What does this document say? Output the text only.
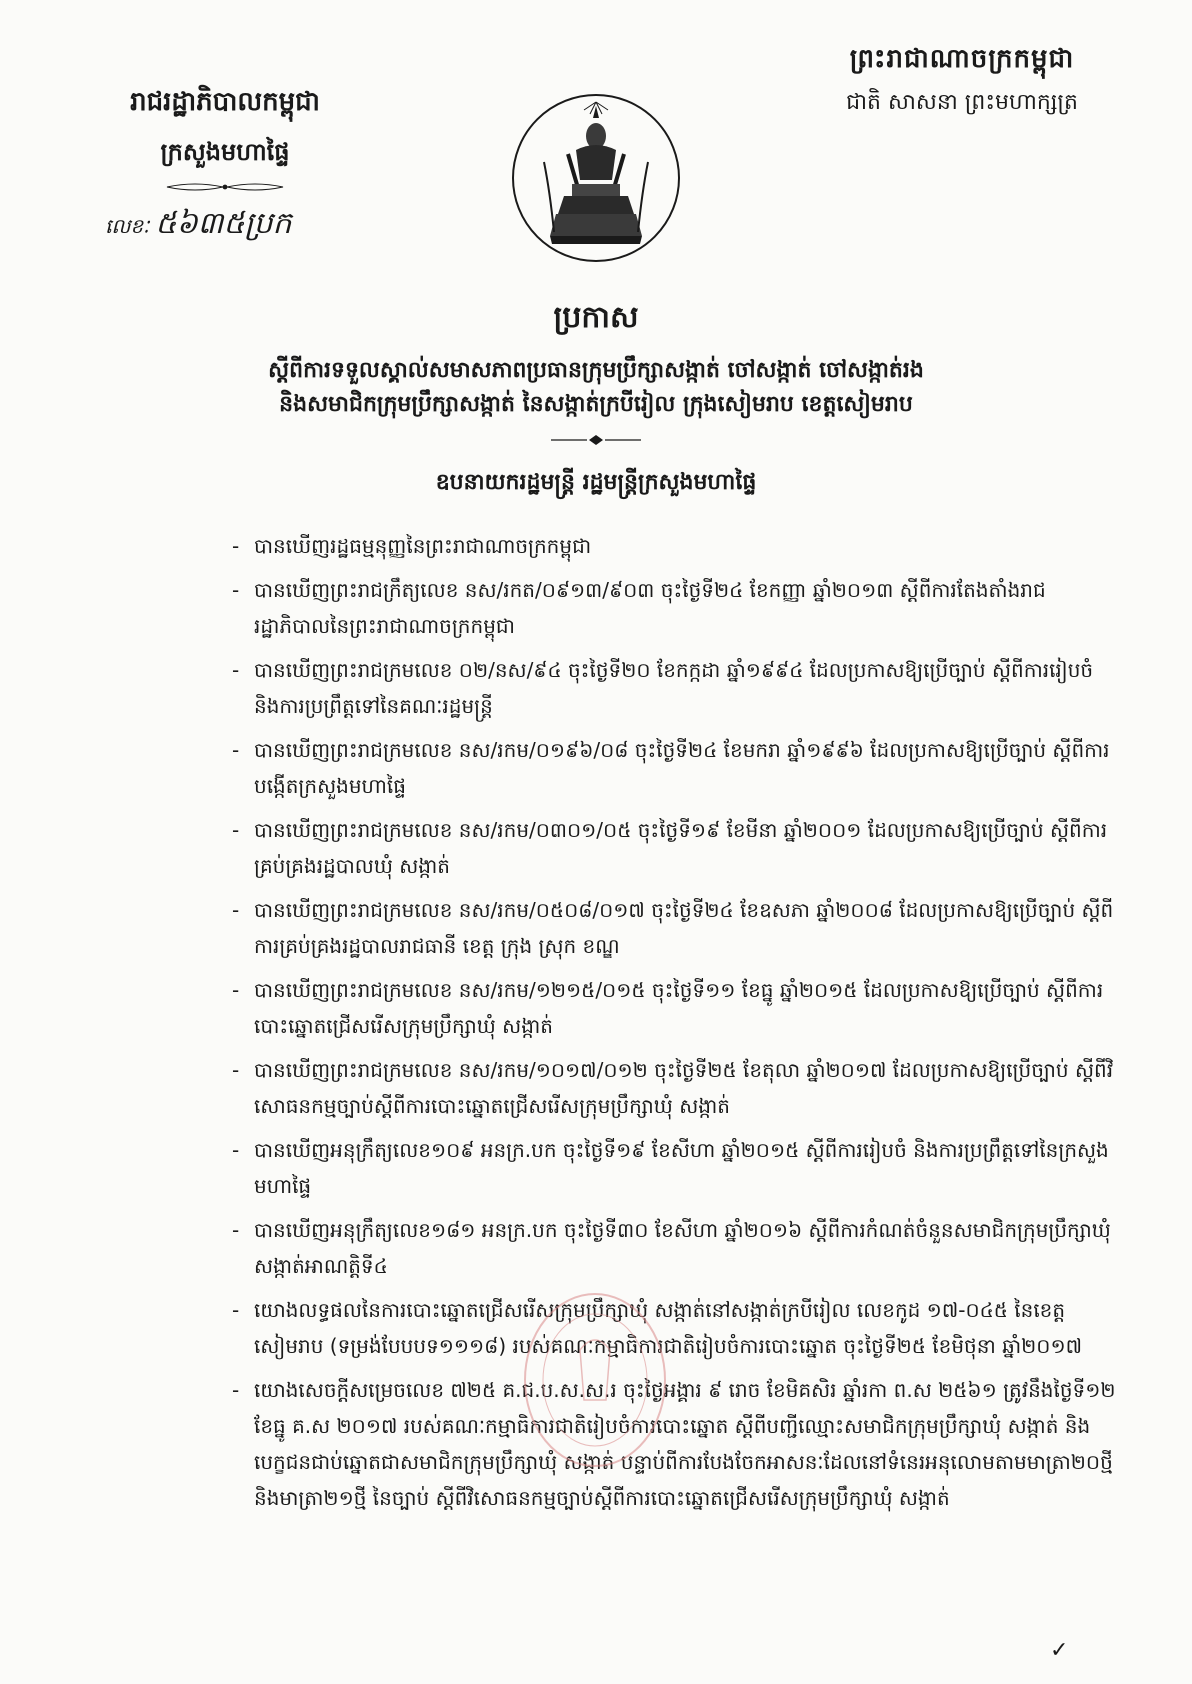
ព្រះរាជាណាចក្រកម្ពុជា
ជាតិ សាសនា ព្រះមហាក្សត្រ
រាជរដ្ឋាភិបាលកម្ពុជា
ក្រសួងមហាផ្ទៃ
លេខៈ ៥៦៣៥ប្រក
ប្រកាស
ស្តីពីការទទួលស្គាល់សមាសភាពប្រធានក្រុមប្រឹក្សាសង្កាត់ ចៅសង្កាត់ ចៅសង្កាត់រង
និងសមាជិកក្រុមប្រឹក្សាសង្កាត់ នៃសង្កាត់ក្របីរៀល ក្រុងសៀមរាប ខេត្តសៀមរាប
ឧបនាយករដ្ឋមន្ត្រី រដ្ឋមន្ត្រីក្រសួងមហាផ្ទៃ
- បានឃើញរដ្ឋធម្មនុញ្ញនៃព្រះរាជាណាចក្រកម្ពុជា
- បានឃើញព្រះរាជក្រឹត្យលេខ នស/រកត/០៩១៣/៩០៣ ចុះថ្ងៃទី២៤ ខែកញ្ញា ឆ្នាំ២០១៣ ស្តីពីការតែងតាំងរាជរដ្ឋាភិបាលនៃព្រះរាជាណាចក្រកម្ពុជា
- បានឃើញព្រះរាជក្រមលេខ ០២/នស/៩៤ ចុះថ្ងៃទី២០ ខែកក្កដា ឆ្នាំ១៩៩៤ ដែលប្រកាសឱ្យប្រើច្បាប់ ស្តីពីការរៀបចំ និងការប្រព្រឹត្តទៅនៃគណៈរដ្ឋមន្ត្រី
- បានឃើញព្រះរាជក្រមលេខ នស/រកម/០១៩៦/០៨ ចុះថ្ងៃទី២៤ ខែមករា ឆ្នាំ១៩៩៦ ដែលប្រកាសឱ្យប្រើច្បាប់ ស្តីពីការបង្កើតក្រសួងមហាផ្ទៃ
- បានឃើញព្រះរាជក្រមលេខ នស/រកម/០៣០១/០៥ ចុះថ្ងៃទី១៩ ខែមីនា ឆ្នាំ២០០១ ដែលប្រកាសឱ្យប្រើច្បាប់ ស្តីពីការគ្រប់គ្រងរដ្ឋបាលឃុំ សង្កាត់
- បានឃើញព្រះរាជក្រមលេខ នស/រកម/០៥០៨/០១៧ ចុះថ្ងៃទី២៤ ខែឧសភា ឆ្នាំ២០០៨ ដែលប្រកាសឱ្យប្រើច្បាប់ ស្តីពីការគ្រប់គ្រងរដ្ឋបាលរាជធានី ខេត្ត ក្រុង ស្រុក ខណ្ឌ
- បានឃើញព្រះរាជក្រមលេខ នស/រកម/១២១៥/០១៥ ចុះថ្ងៃទី១១ ខែធ្នូ ឆ្នាំ២០១៥ ដែលប្រកាសឱ្យប្រើច្បាប់ ស្តីពីការបោះឆ្នោតជ្រើសរើសក្រុមប្រឹក្សាឃុំ សង្កាត់
- បានឃើញព្រះរាជក្រមលេខ នស/រកម/១០១៧/០១២ ចុះថ្ងៃទី២៥ ខែតុលា ឆ្នាំ២០១៧ ដែលប្រកាសឱ្យប្រើច្បាប់ ស្តីពីវិសោធនកម្មច្បាប់ស្តីពីការបោះឆ្នោតជ្រើសរើសក្រុមប្រឹក្សាឃុំ សង្កាត់
- បានឃើញអនុក្រឹត្យលេខ១០៩ អនក្រ.បក ចុះថ្ងៃទី១៩ ខែសីហា ឆ្នាំ២០១៥ ស្តីពីការរៀបចំ និងការប្រព្រឹត្តទៅនៃក្រសួងមហាផ្ទៃ
- បានឃើញអនុក្រឹត្យលេខ១៨១ អនក្រ.បក ចុះថ្ងៃទី៣០ ខែសីហា ឆ្នាំ២០១៦ ស្តីពីការកំណត់ចំនួនសមាជិកក្រុមប្រឹក្សាឃុំ សង្កាត់អាណត្តិទី៤
- យោងលទ្ធផលនៃការបោះឆ្នោតជ្រើសរើសក្រុមប្រឹក្សាឃុំ សង្កាត់នៅសង្កាត់ក្របីរៀល លេខកូដ ១៧-០៤៥ នៃខេត្តសៀមរាប (ទម្រង់បែបបទ១១១៨) របស់គណៈកម្មាធិការជាតិរៀបចំការបោះឆ្នោត ចុះថ្ងៃទី២៥ ខែមិថុនា ឆ្នាំ២០១៧
- យោងសេចក្តីសម្រេចលេខ ៧២៥ គ.ជ.ប.ស.ស.រ ចុះថ្ងៃអង្គារ ៩ រោច ខែមិគសិរ ឆ្នាំរកា ព.ស ២៥៦១ ត្រូវនឹងថ្ងៃទី១២ ខែធ្នូ គ.ស ២០១៧ របស់គណៈកម្មាធិការជាតិរៀបចំការបោះឆ្នោត ស្តីពីបញ្ជីឈ្មោះសមាជិកក្រុមប្រឹក្សាឃុំ សង្កាត់ និងបេក្ខជនជាប់ឆ្នោតជាសមាជិកក្រុមប្រឹក្សាឃុំ សង្កាត់ បន្ទាប់ពីការបែងចែកអាសនៈដែលនៅទំនេរអនុលោមតាមមាត្រា២០ថ្មី និងមាត្រា២១ថ្មី នៃច្បាប់ ស្តីពីវិសោធនកម្មច្បាប់ស្តីពីការបោះឆ្នោតជ្រើសរើសក្រុមប្រឹក្សាឃុំ សង្កាត់
✓
